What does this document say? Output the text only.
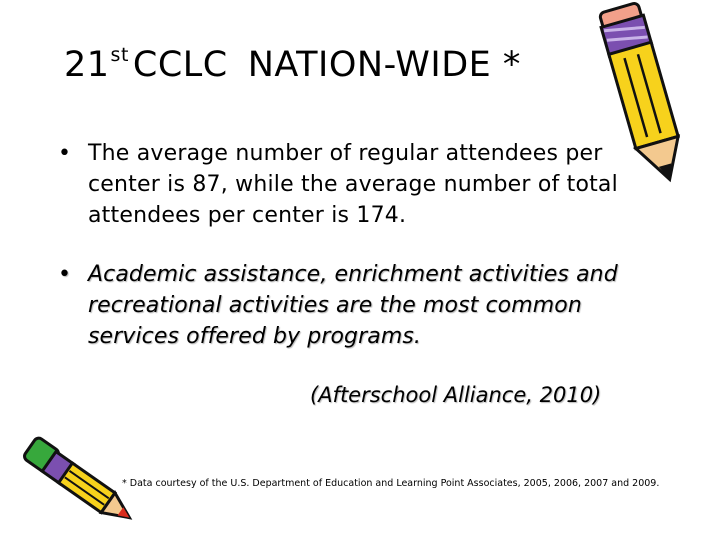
21st CCLC NATION-WIDE *
• The average number of regular attendees per center is 87, while the average number of total attendees per center is 174.
• Academic assistance, enrichment activities and recreational activities are the most common services offered by programs.
(Afterschool Alliance, 2010)
* Data courtesy of the U.S. Department of Education and Learning Point Associates, 2005, 2006, 2007 and 2009.
